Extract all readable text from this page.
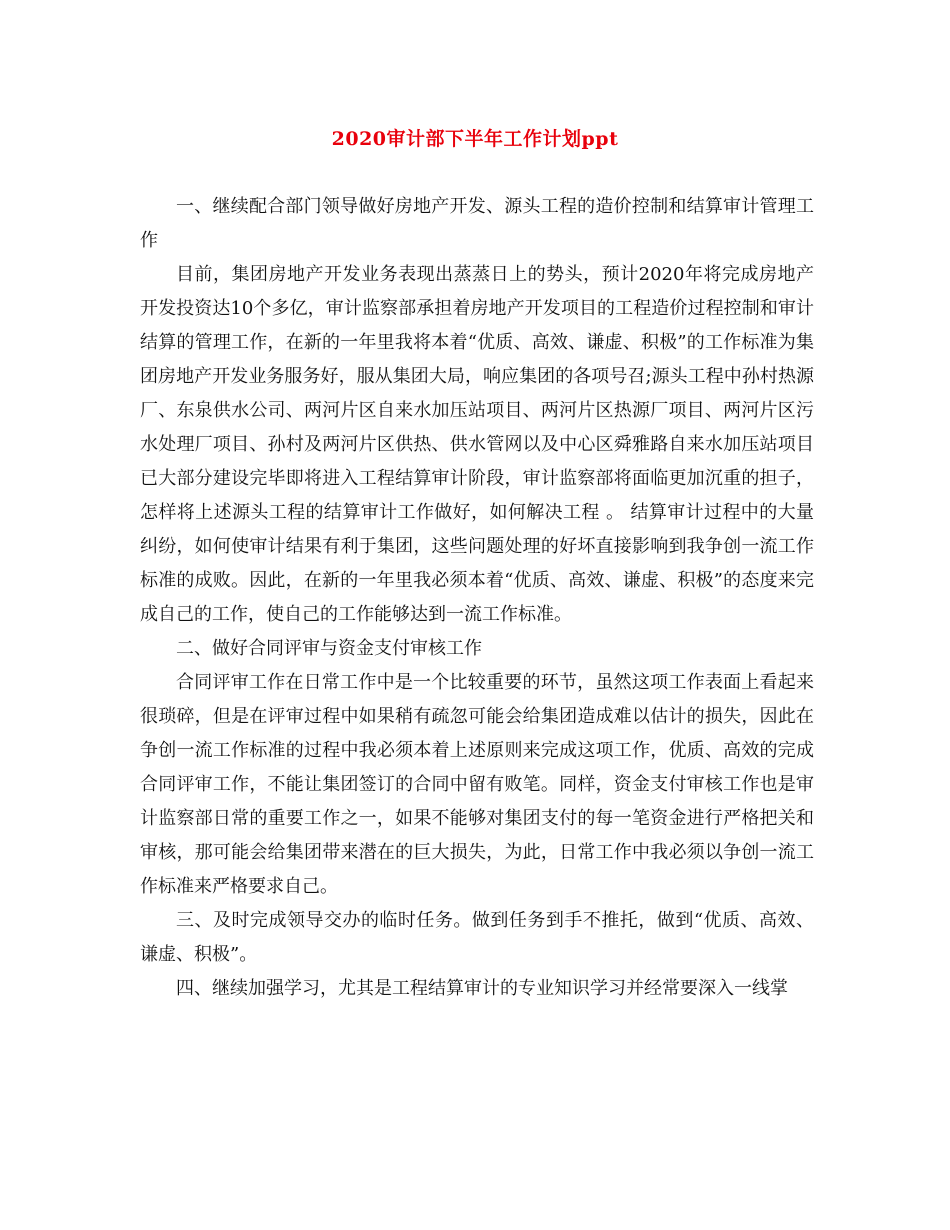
2020审计部下半年工作计划ppt

一、继续配合部门领导做好房地产开发、源头工程的造价控制和结算审计管理工作

目前，集团房地产开发业务表现出蒸蒸日上的势头，预计2020年将完成房地产开发投资达10个多亿，审计监察部承担着房地产开发项目的工程造价过程控制和审计结算的管理工作，在新的一年里我将本着“优质、高效、谦虚、积极”的工作标准为集团房地产开发业务服务好，服从集团大局，响应集团的各项号召;源头工程中孙村热源厂、东泉供水公司、两河片区自来水加压站项目、两河片区热源厂项目、两河片区污水处理厂项目、孙村及两河片区供热、供水管网以及中心区舜雅路自来水加压站项目已大部分建设完毕即将进入工程结算审计阶段，审计监察部将面临更加沉重的担子，怎样将上述源头工程的结算审计工作做好，如何解决工程 。 结算审计过程中的大量纠纷，如何使审计结果有利于集团，这些问题处理的好坏直接影响到我争创一流工作标准的成败。因此，在新的一年里我必须本着“优质、高效、谦虚、积极”的态度来完成自己的工作，使自己的工作能够达到一流工作标准。

二、做好合同评审与资金支付审核工作

合同评审工作在日常工作中是一个比较重要的环节，虽然这项工作表面上看起来很琐碎，但是在评审过程中如果稍有疏忽可能会给集团造成难以估计的损失，因此在争创一流工作标准的过程中我必须本着上述原则来完成这项工作，优质、高效的完成合同评审工作，不能让集团签订的合同中留有败笔。同样，资金支付审核工作也是审计监察部日常的重要工作之一，如果不能够对集团支付的每一笔资金进行严格把关和审核，那可能会给集团带来潜在的巨大损失，为此，日常工作中我必须以争创一流工作标准来严格要求自己。

三、及时完成领导交办的临时任务。做到任务到手不推托，做到“优质、高效、谦虚、积极”。

四、继续加强学习，尤其是工程结算审计的专业知识学习并经常要深入一线掌
